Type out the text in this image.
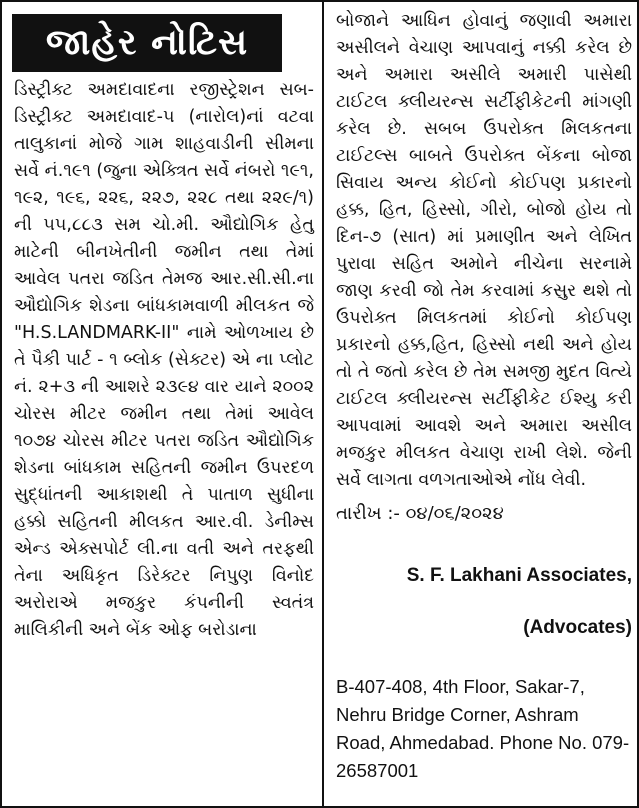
જાહેર નોટિસ

ડિસ્ટ્રીક્ટ અમદાવાદના રજીસ્ટ્રેશન સબ-ડિસ્ટ્રીક્ટ અમદાવાદ-૫ (નારોલ)નાં વટવા તાલુકાનાં મોજે ગામ શાહવાડીની સીમના સર્વે નં.૧૯૧ (જુના એક્ત્રિત સર્વે નંબરો ૧૯૧, ૧૯૨, ૧૯૬, ૨૨૬, ૨૨૭, ૨૨૮ તથા ૨૨૯/૧) ની ૫૫,૮૮૩ સમ ચો.મી. ઔદ્યોગિક હેતુ માટેની બીનખેતીની જમીન તથા તેમાં આવેલ પતરા જડિત તેમજ આર.સી.સી.ના ઔદ્યોગિક શેડના બાંધકામવાળી મીલકત જે "H.S.LANDMARK-II" નામે ઓળખાય છે તે પૈકી પાર્ટ - ૧ બ્લોક (સેક્ટર) એ ના પ્લોટ નં. ૨+૩ ની આશરે ૨૩૯૪ વાર યાને ૨૦૦૨ ચોરસ મીટર જમીન તથા તેમાં આવેલ ૧૦૭૪ ચોરસ મીટર પતરા જડિત ઔદ્યોગિક શેડના બાંધકામ સહિતની જમીન ઉપરદળ સુદ્ધાંતની આકાશથી તે પાતાળ સુધીના હક્કો સહિતની મીલકત આર.વી. ડેનીમ્સ એન્ડ એક્સપોર્ટ લી.ના વતી અને તરફથી તેના અધિકૃત ડિરેક્ટર નિપુણ વિનોદ અરોરાએ મજકુર કંપનીની સ્વતંત્ર માલિકીની અને બેંક ઓફ બરોડાના

બોજાને આધિન હોવાનું જણાવી અમારા અસીલને વેચાણ આપવાનું નક્કી કરેલ છે અને અમારા અસીલે અમારી પાસેથી ટાઈટલ ક્લીયરન્સ સર્ટીફીકેટની માંગણી કરેલ છે. સબબ ઉપરોક્ત મિલકતના ટાઈટલ્સ બાબતે ઉપરોક્ત બેંકના બોજા સિવાય અન્ય કોઈનો કોઈપણ પ્રકારનો હક્ક, હિત, હિસ્સો, ગીરો, બોજો હોય તો દિન-૭ (સાત) માં પ્રમાણીત અને લેખિત પુરાવા સહિત અમોને નીચેના સરનામે જાણ કરવી જો તેમ કરવામાં કસુર થશે તો ઉપરોક્ત મિલકતમાં કોઈનો કોઈપણ પ્રકારનો હક્ક,હિત, હિસ્સો નથી અને હોય તો તે જતો કરેલ છે તેમ સમજી મુદત વિત્યે ટાઈટલ ક્લીયરન્સ સર્ટીફીકેટ ઈશ્યુ કરી આપવામાં આવશે અને અમારા અસીલ મજકુર મીલકત વેચાણ રાખી લેશે. જેની સર્વે લાગતા વળગતાઓએ નોંધ લેવી.

તારીખ :- ૦૪/૦૬/૨૦૨૪

S. F. Lakhani Associates,

(Advocates)

B-407-408, 4th Floor, Sakar-7, Nehru Bridge Corner, Ashram Road, Ahmedabad. Phone No. 079-26587001
